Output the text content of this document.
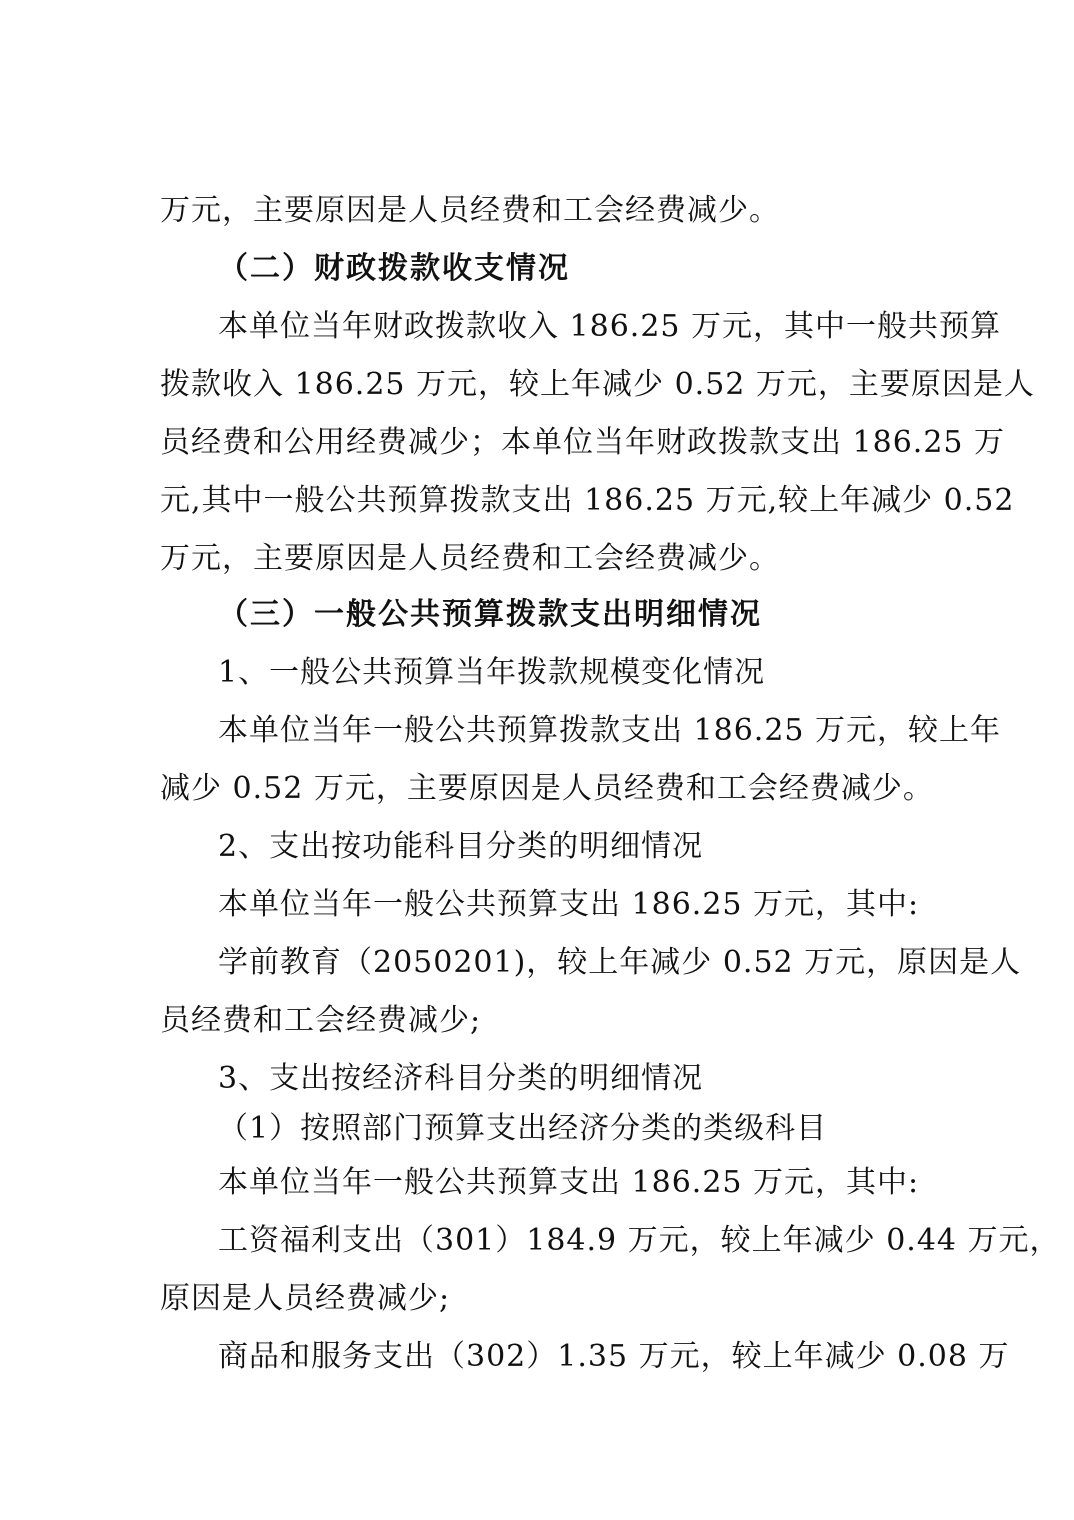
万元，主要原因是人员经费和工会经费减少。
（二）财政拨款收支情况
本单位当年财政拨款收入 186.25 万元，其中一般共预算
拨款收入 186.25 万元，较上年减少 0.52 万元，主要原因是人
员经费和公用经费减少；本单位当年财政拨款支出 186.25 万
元,其中一般公共预算拨款支出 186.25 万元,较上年减少 0.52
万元，主要原因是人员经费和工会经费减少。
（三）一般公共预算拨款支出明细情况
1、一般公共预算当年拨款规模变化情况
本单位当年一般公共预算拨款支出 186.25 万元，较上年
减少 0.52 万元，主要原因是人员经费和工会经费减少。
2、支出按功能科目分类的明细情况
本单位当年一般公共预算支出 186.25 万元，其中:
学前教育（2050201)，较上年减少 0.52 万元，原因是人
员经费和工会经费减少;
3、支出按经济科目分类的明细情况
（1）按照部门预算支出经济分类的类级科目
本单位当年一般公共预算支出 186.25 万元，其中:
工资福利支出（301）184.9 万元，较上年减少 0.44 万元，
原因是人员经费减少;
商品和服务支出（302）1.35 万元，较上年减少 0.08 万
